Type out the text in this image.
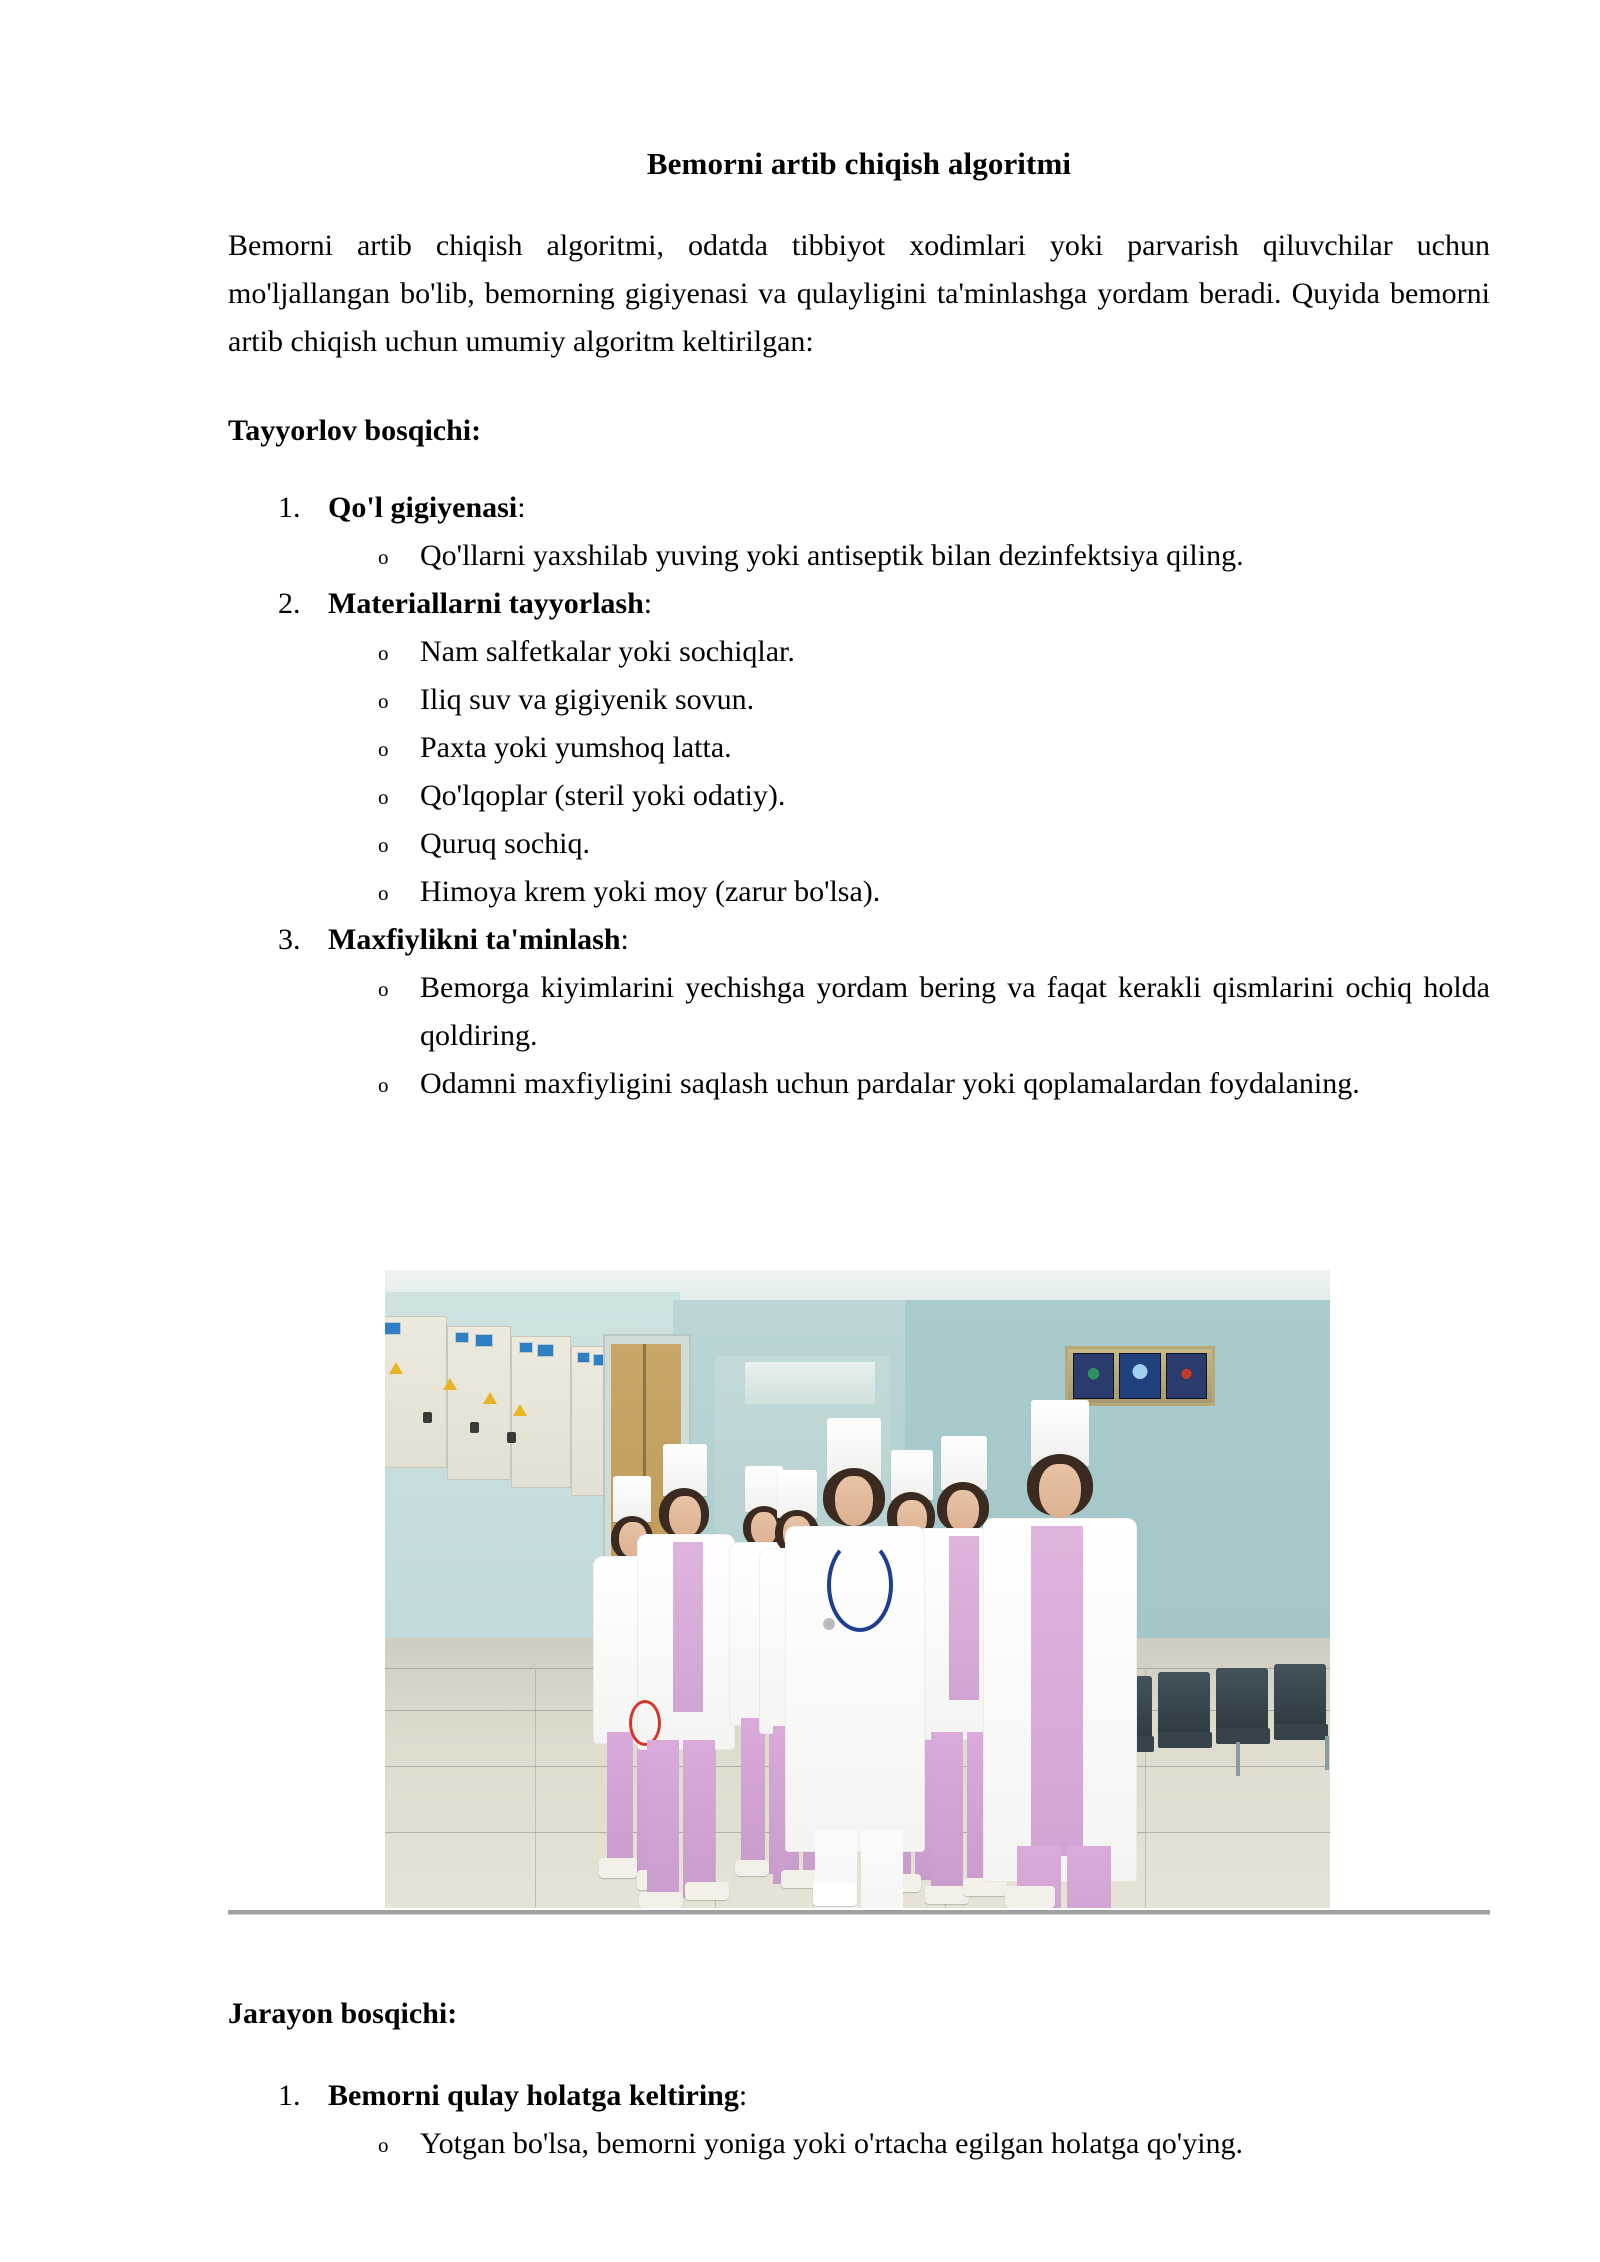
Bemorni artib chiqish algoritmi

Bemorni artib chiqish algoritmi, odatda tibbiyot xodimlari yoki parvarish qiluvchilar uchun mo'ljallangan bo'lib, bemorning gigiyenasi va qulayligini ta'minlashga yordam beradi. Quyida bemorni artib chiqish uchun umumiy algoritm keltirilgan:

Tayyorlov bosqichi:

Qo'l gigiyenasi:
o Qo'llarni yaxshilab yuving yoki antiseptik bilan dezinfektsiya qiling.
Materiallarni tayyorlash:
o Nam salfetkalar yoki sochiqlar.
o Iliq suv va gigiyenik sovun.
o Paxta yoki yumshoq latta.
o Qo'lqoplar (steril yoki odatiy).
o Quruq sochiq.
o Himoya krem yoki moy (zarur bo'lsa).
Maxfiylikni ta'minlash:
o Bemorga kiyimlarini yechishga yordam bering va faqat kerakli qismlarini ochiq holda qoldiring.
o Odamni maxfiyligini saqlash uchun pardalar yoki qoplamalardan foydalaning.

Jarayon bosqichi:

Bemorni qulay holatga keltiring:
o Yotgan bo'lsa, bemorni yoniga yoki o'rtacha egilgan holatga qo'ying.
